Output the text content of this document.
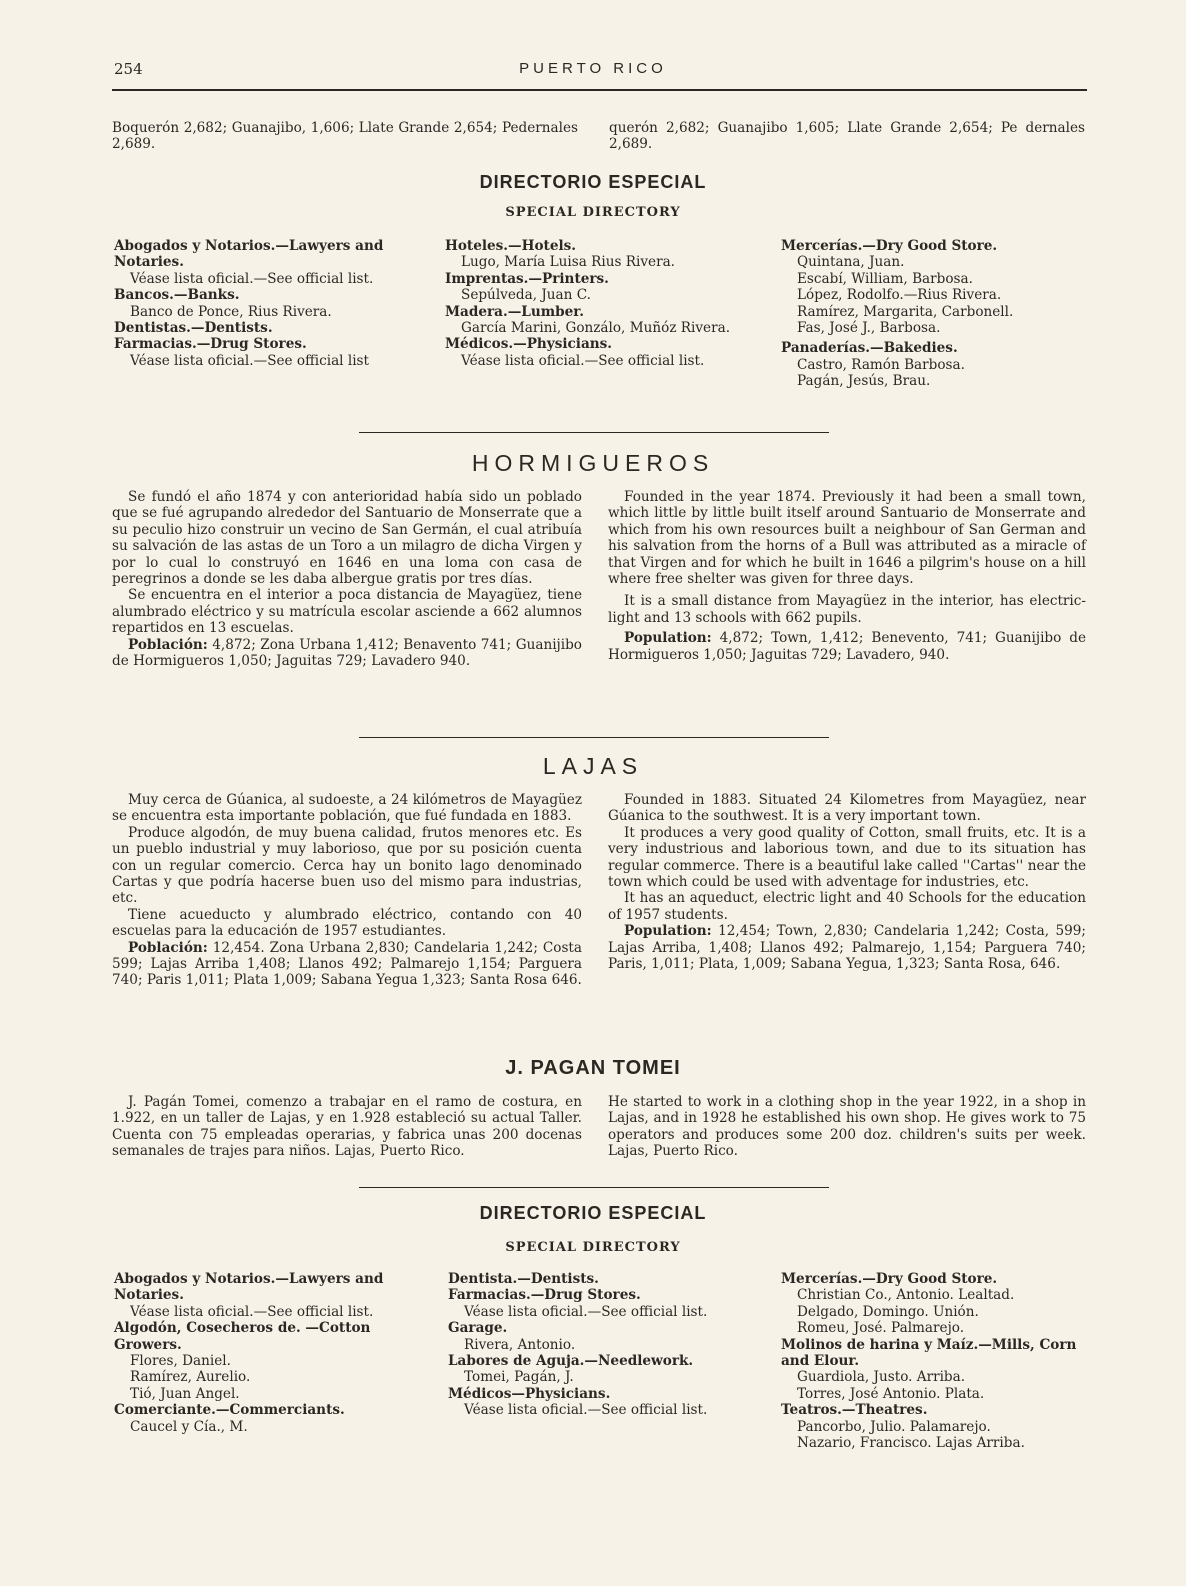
254	PUERTO RICO

Boquerón 2,682; Guanajibo, 1,606; Llate Grande 2,654; Pedernales 2,689.

querón 2,682; Guanajibo 1,605; Llate Grande 2,654; Pe dernales 2,689.

DIRECTORIO ESPECIAL
SPECIAL DIRECTORY
Abogados y Notarios.—Lawyers and Notaries.
Véase lista oficial.—See official list.
Bancos.—Banks.
Banco de Ponce, Rius Rivera.
Dentistas.—Dentists.
Farmacias.—Drug Stores.
Véase lista oficial.—See official list
Hoteles.—Hotels.
Lugo, María Luisa Rius Rivera.
Imprentas.—Printers.
Sepúlveda, Juan C.
Madera.—Lumber.
García Marini, Gonzálo, Muñóz Rivera.
Médicos.—Physicians.
Véase lista oficial.—See official list.
Mercerías.—Dry Good Store.
Quintana, Juan.
Escabí, William, Barbosa.
López, Rodolfo.—Rius Rivera.
Ramírez, Margarita, Carbonell.
Fas, José J., Barbosa.
Panaderías.—Bakedies.
Castro, Ramón Barbosa.
Pagán, Jesús, Brau.
HORMIGUEROS

Se fundó el año 1874 y con anterioridad había sido un poblado que se fué agrupando alrededor del Santuario de Monserrate que a su peculio hizo construir un vecino de San Germán, el cual atribuía su salvación de las astas de un Toro a un milagro de dicha Virgen y por lo cual lo construyó en 1646 en una loma con casa de peregrinos a donde se les daba albergue gratis por tres días.

Se encuentra en el interior a poca distancia de Mayagüez, tiene alumbrado eléctrico y su matrícula escolar asciende a 662 alumnos repartidos en 13 escuelas.

Población: 4,872; Zona Urbana 1,412; Benavento 741; Guanijibo de Hormigueros 1,050; Jaguitas 729; Lavadero 940.

Founded in the year 1874. Previously it had been a small town, which little by little built itself around Santuario de Monserrate and which from his own resources built a neighbour of San German and his salvation from the horns of a Bull was attributed as a miracle of that Virgen and for which he built in 1646 a pilgrim's house on a hill where free shelter was given for three days.

It is a small distance from Mayagüez in the interior, has electric-light and 13 schools with 662 pupils.

Population: 4,872; Town, 1,412; Benevento, 741; Guanijibo de Hormigueros 1,050; Jaguitas 729; Lavadero, 940.

LAJAS

Muy cerca de Gúanica, al sudoeste, a 24 kilómetros de Mayagüez se encuentra esta importante población, que fué fundada en 1883.

Produce algodón, de muy buena calidad, frutos menores etc. Es un pueblo industrial y muy laborioso, que por su posición cuenta con un regular comercio. Cerca hay un bonito lago denominado Cartas y que podría hacerse buen uso del mismo para industrias, etc.

Tiene acueducto y alumbrado eléctrico, contando con 40 escuelas para la educación de 1957 estudiantes.

Población: 12,454. Zona Urbana 2,830; Candelaria 1,242; Costa 599; Lajas Arriba 1,408; Llanos 492; Palmarejo 1,154; Parguera 740; Paris 1,011; Plata 1,009; Sabana Yegua 1,323; Santa Rosa 646.

Founded in 1883. Situated 24 Kilometres from Mayagüez, near Gúanica to the southwest. It is a very important town.

It produces a very good quality of Cotton, small fruits, etc. It is a very industrious and laborious town, and due to its situation has regular commerce. There is a beautiful lake called ''Cartas'' near the town which could be used with adventage for industries, etc.

It has an aqueduct, electric light and 40 Schools for the education of 1957 students.

Population: 12,454; Town, 2,830; Candelaria 1,242; Costa, 599; Lajas Arriba, 1,408; Llanos 492; Palmarejo, 1,154; Parguera 740; Paris, 1,011; Plata, 1,009; Sabana Yegua, 1,323; Santa Rosa, 646.

J. PAGAN TOMEI

J. Pagán Tomei, comenzo a trabajar en el ramo de costura, en 1.922, en un taller de Lajas, y en 1.928 estableció su actual Taller. Cuenta con 75 empleadas operarias, y fabrica unas 200 docenas semanales de trajes para niños. Lajas, Puerto Rico.

He started to work in a clothing shop in the year 1922, in a shop in Lajas, and in 1928 he established his own shop. He gives work to 75 operators and produces some 200 doz. children's suits per week. Lajas, Puerto Rico.

DIRECTORIO ESPECIAL
SPECIAL DIRECTORY
Abogados y Notarios.—Lawyers and Notaries.
Véase lista oficial.—See official list.
Algodón, Cosecheros de. —Cotton Growers.
Flores, Daniel.
Ramírez, Aurelio.
Tió, Juan Angel.
Comerciante.—Commerciants.
Caucel y Cía., M.
Dentista.—Dentists.
Farmacias.—Drug Stores.
Véase lista oficial.—See official list.
Garage.
Rivera, Antonio.
Labores de Aguja.—Needlework.
Tomei, Pagán, J.
Médicos—Physicians.
Véase lista oficial.—See official list.
Mercerías.—Dry Good Store.
Christian Co., Antonio. Lealtad.
Delgado, Domingo. Unión.
Romeu, José. Palmarejo.
Molinos de harina y Maíz.—Mills, Corn and Elour.
Guardiola, Justo. Arriba.
Torres, José Antonio. Plata.
Teatros.—Theatres.
Pancorbo, Julio. Palamarejo.
Nazario, Francisco. Lajas Arriba.
